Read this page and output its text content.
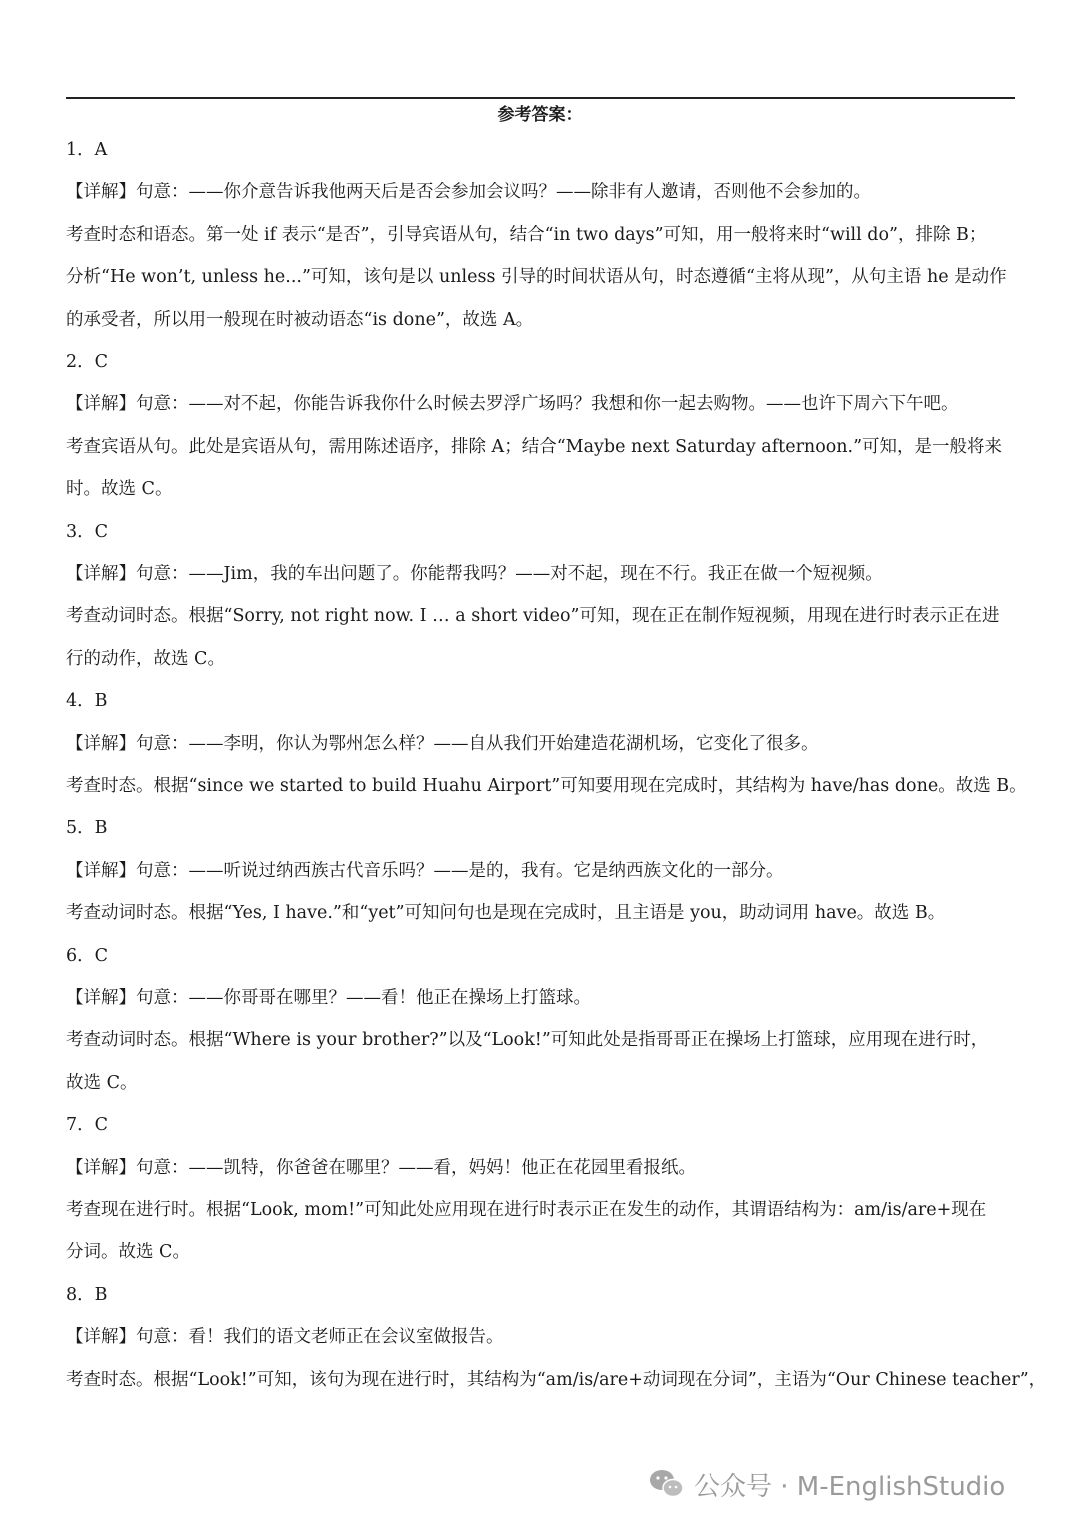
参考答案：
1．A
【详解】句意：——你介意告诉我他两天后是否会参加会议吗？——除非有人邀请，否则他不会参加的。
考查时态和语态。第一处 if 表示“是否”，引导宾语从句，结合“in two days”可知，用一般将来时“will do”，排除 B；
分析“He won’t, unless he...”可知，该句是以 unless 引导的时间状语从句，时态遵循“主将从现”，从句主语 he 是动作
的承受者，所以用一般现在时被动语态“is done”，故选 A。
2．C
【详解】句意：——对不起，你能告诉我你什么时候去罗浮广场吗？我想和你一起去购物。——也许下周六下午吧。
考查宾语从句。此处是宾语从句，需用陈述语序，排除 A；结合“Maybe next Saturday afternoon.”可知，是一般将来
时。故选 C。
3．C
【详解】句意：——Jim，我的车出问题了。你能帮我吗？——对不起，现在不行。我正在做一个短视频。
考查动词时态。根据“Sorry, not right now. I … a short video”可知，现在正在制作短视频，用现在进行时表示正在进
行的动作，故选 C。
4．B
【详解】句意：——李明，你认为鄂州怎么样？——自从我们开始建造花湖机场，它变化了很多。
考查时态。根据“since we started to build Huahu Airport”可知要用现在完成时，其结构为 have/has done。故选 B。
5．B
【详解】句意：——听说过纳西族古代音乐吗？——是的，我有。它是纳西族文化的一部分。
考查动词时态。根据“Yes, I have.”和“yet”可知问句也是现在完成时，且主语是 you，助动词用 have。故选 B。
6．C
【详解】句意：——你哥哥在哪里？——看！他正在操场上打篮球。
考查动词时态。根据“Where is your brother?”以及“Look!”可知此处是指哥哥正在操场上打篮球，应用现在进行时，
故选 C。
7．C
【详解】句意：——凯特，你爸爸在哪里？——看，妈妈！他正在花园里看报纸。
考查现在进行时。根据“Look, mom!”可知此处应用现在进行时表示正在发生的动作，其谓语结构为：am/is/are+现在
分词。故选 C。
8．B
【详解】句意：看！我们的语文老师正在会议室做报告。
考查时态。根据“Look!”可知，该句为现在进行时，其结构为“am/is/are+动词现在分词”，主语为“Our Chinese teacher”，
公众号 · M-EnglishStudio
